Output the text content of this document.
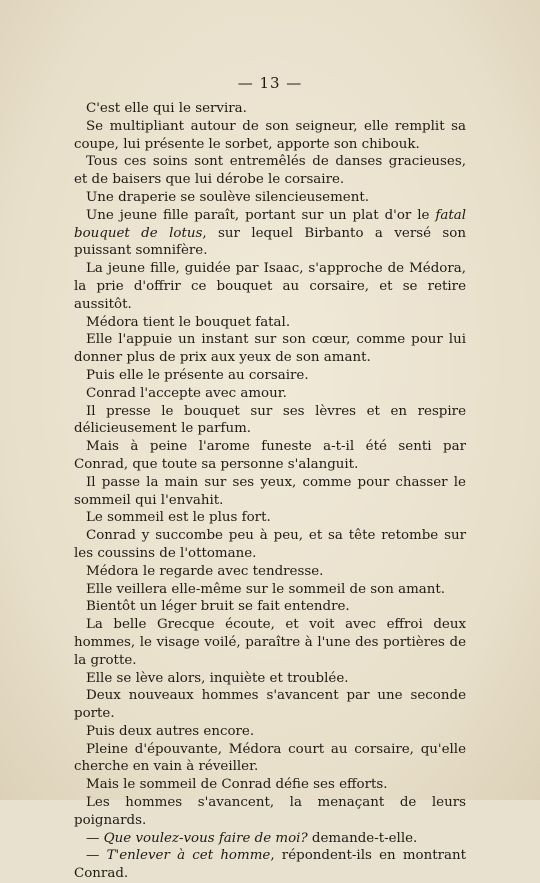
— 13 —

C'est elle qui le servira.

Se multipliant autour de son seigneur, elle remplit sa coupe, lui présente le sorbet, apporte son chibouk.

Tous ces soins sont entremêlés de danses gracieuses, et de baisers que lui dérobe le corsaire.

Une draperie se soulève silencieusement.

Une jeune fille paraît, portant sur un plat d'or le fatal bouquet de lotus, sur lequel Birbanto a versé son puissant somnifère.

La jeune fille, guidée par Isaac, s'approche de Médora, la prie d'offrir ce bouquet au corsaire, et se retire aussitôt.

Médora tient le bouquet fatal.

Elle l'appuie un instant sur son cœur, comme pour lui donner plus de prix aux yeux de son amant.

Puis elle le présente au corsaire.

Conrad l'accepte avec amour.

Il presse le bouquet sur ses lèvres et en respire délicieusement le parfum.

Mais à peine l'arome funeste a-t-il été senti par Conrad, que toute sa personne s'alanguit.

Il passe la main sur ses yeux, comme pour chasser le sommeil qui l'envahit.

Le sommeil est le plus fort.

Conrad y succombe peu à peu, et sa tête retombe sur les coussins de l'ottomane.

Médora le regarde avec tendresse.

Elle veillera elle-même sur le sommeil de son amant.

Bientôt un léger bruit se fait entendre.

La belle Grecque écoute, et voit avec effroi deux hommes, le visage voilé, paraître à l'une des portières de la grotte.

Elle se lève alors, inquiète et troublée.

Deux nouveaux hommes s'avancent par une seconde porte.

Puis deux autres encore.

Pleine d'épouvante, Médora court au corsaire, qu'elle cherche en vain à réveiller.

Mais le sommeil de Conrad défie ses efforts.

Les hommes s'avancent, la menaçant de leurs poignards.

— Que voulez-vous faire de moi? demande-t-elle.

— T'enlever à cet homme, répondent-ils en montrant Conrad.
